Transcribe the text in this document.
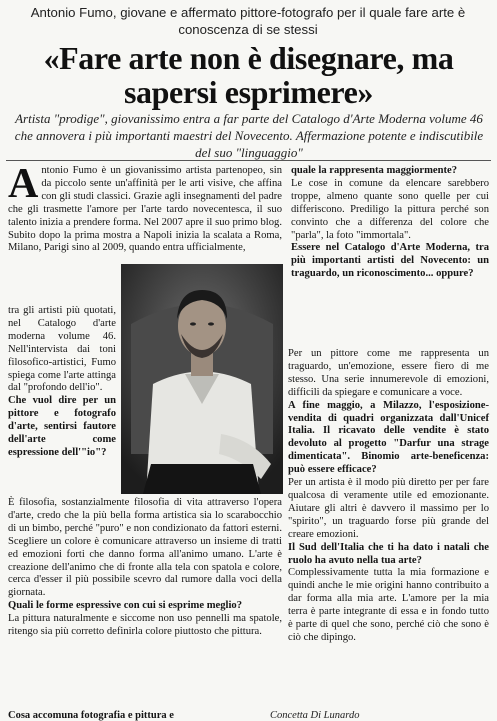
Antonio Fumo, giovane e affermato pittore-fotografo per il quale fare arte è conoscenza di se stessi
«Fare arte non è disegnare, ma sapersi esprimere»
Artista "prodige", giovanissimo entra a far parte del Catalogo d'Arte Moderna volume 46 che annovera i più importanti maestri del Novecento. Affermazione potente e indiscutibile del suo "linguaggio"
Antonio Fumo è un giovanissimo artista partenopeo, sin da piccolo sente un'affinità per le arti visive, che affina con gli studi classici. Grazie agli insegnamenti del padre che gli trasmette l'amore per l'arte tardo novecentesca, il suo talento inizia a prendere forma. Nel 2007 apre il suo primo blog. Subito dopo la prima mostra a Napoli inizia la scalata a Roma, Milano, Parigi sino al 2009, quando entra ufficialmente,

tra gli artisti più quotati, nel Catalogo d'arte moderna volume 46. Nell'intervista dai toni filosofico-artistici, Fumo spiega come l'arte attinga dal "profondo dell'io".

Che vuol dire per un pittore e fotografo d'arte, sentirsi fautore dell'arte come espressione dell'"io"?

È filosofia, sostanzialmente filosofia di vita attraverso l'opera d'arte, credo che la più bella forma artistica sia lo scarabocchio di un bimbo, perché "puro" e non condizionato da fattori esterni. Scegliere un colore è comunicare attraverso un insieme di tratti ed emozioni forti che danno forma all'animo umano. L'arte è creazione dell'animo che di fronte alla tela con spatola e colore, cerca d'esser il più possibile scevro dal rumore dalla voci della giornata.

Quali le forme espressive con cui si esprime meglio?

La pittura naturalmente e siccome non uso pennelli ma spatole, ritengo sia più corretto definirla colore piuttosto che pittura.

Cosa accomuna fotografia e pittura e

quale la rappresenta maggiormente?

Le cose in comune da elencare sarebbero troppe, almeno quante sono quelle per cui differiscono. Prediligo la pittura perché son convinto che a differenza del colore che "parla", la foto "immortala".

Essere nel Catalogo d'Arte Moderna, tra più importanti artisti del Novecento: un traguardo, un riconoscimento... oppure?

Per un pittore come me rappresenta un traguardo, un'emozione, essere fiero di me stesso. Una serie innumerevole di emozioni, difficili da spiegare e comunicare a voce.

A fine maggio, a Milazzo, l'esposizione-vendita di quadri organizzata dall'Unicef Italia. Il ricavato delle vendite è stato devoluto al progetto "Darfur una strage dimenticata". Binomio arte-beneficenza: può essere efficace?

Per un artista è il modo più diretto per per fare qualcosa di veramente utile ed emozionante. Aiutare gli altri è davvero il massimo per lo "spirito", un traguardo forse più grande del creare emozioni.

Il Sud dell'Italia che ti ha dato i natali che ruolo ha avuto nella tua arte?

Complessivamente tutta la mia formazione e quindi anche le mie origini hanno contribuito a dar forma alla mia arte. L'amore per la mia terra è parte integrante di essa e in fondo tutto è parte di quel che sono, perché ciò che sono è ciò che dipingo.

Concetta Di Lunardo
